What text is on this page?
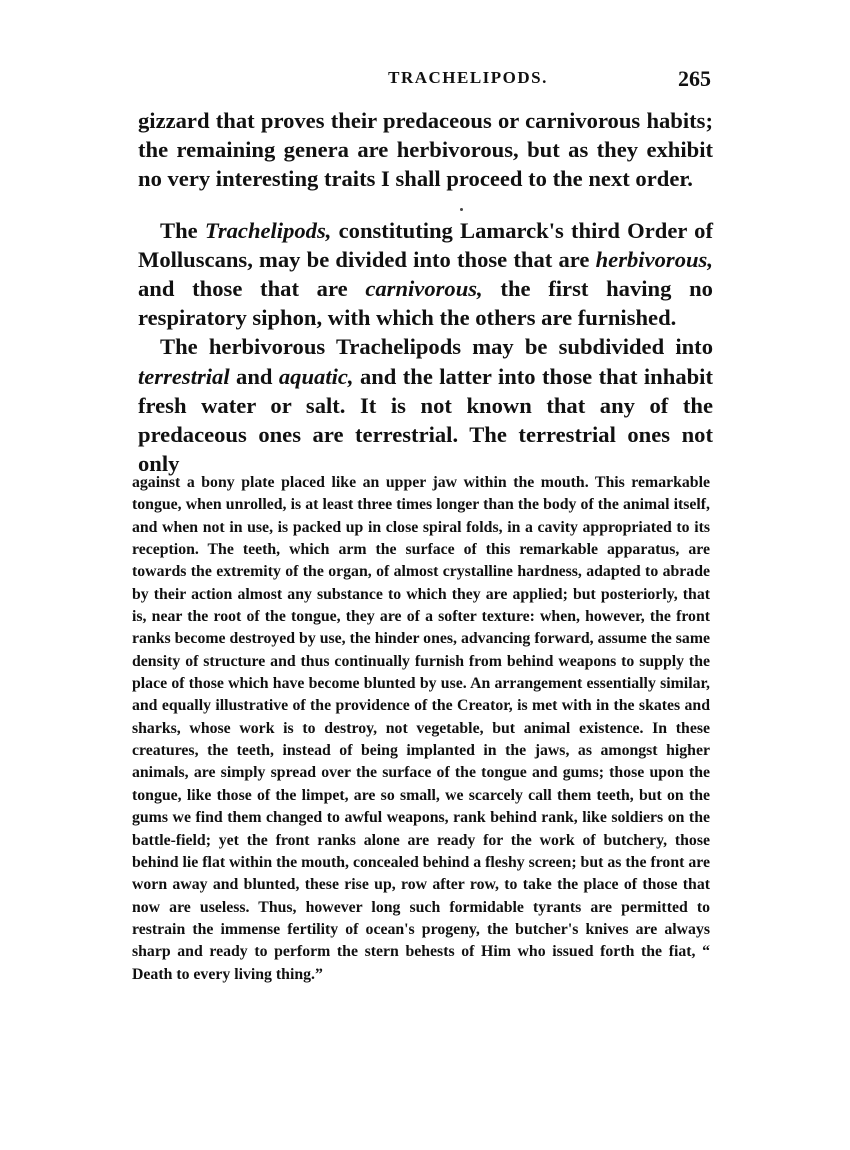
TRACHELIPODS.	265

gizzard that proves their predaceous or carnivorous habits; the remaining genera are herbivorous, but as they exhibit no very interesting traits I shall proceed to the next order.

The Trachelipods, constituting Lamarck's third Order of Molluscans, may be divided into those that are herbivorous, and those that are carnivorous, the first having no respiratory siphon, with which the others are furnished.

The herbivorous Trachelipods may be subdivided into terrestrial and aquatic, and the latter into those that inhabit fresh water or salt. It is not known that any of the predaceous ones are terrestrial. The terrestrial ones not only

against a bony plate placed like an upper jaw within the mouth. This remarkable tongue, when unrolled, is at least three times longer than the body of the animal itself, and when not in use, is packed up in close spiral folds, in a cavity appropriated to its reception. The teeth, which arm the surface of this remarkable apparatus, are towards the extremity of the organ, of almost crystalline hardness, adapted to abrade by their action almost any substance to which they are applied; but posteriorly, that is, near the root of the tongue, they are of a softer texture: when, however, the front ranks become destroyed by use, the hinder ones, advancing forward, assume the same density of structure and thus continually furnish from behind weapons to supply the place of those which have become blunted by use. An arrangement essentially similar, and equally illustrative of the providence of the Creator, is met with in the skates and sharks, whose work is to destroy, not vegetable, but animal existence. In these creatures, the teeth, instead of being implanted in the jaws, as amongst higher animals, are simply spread over the surface of the tongue and gums; those upon the tongue, like those of the limpet, are so small, we scarcely call them teeth, but on the gums we find them changed to awful weapons, rank behind rank, like soldiers on the battle-field; yet the front ranks alone are ready for the work of butchery, those behind lie flat within the mouth, concealed behind a fleshy screen; but as the front are worn away and blunted, these rise up, row after row, to take the place of those that now are useless. Thus, however long such formidable tyrants are permitted to restrain the immense fertility of ocean's progeny, the butcher's knives are always sharp and ready to perform the stern behests of Him who issued forth the fiat, “ Death to every living thing.”
